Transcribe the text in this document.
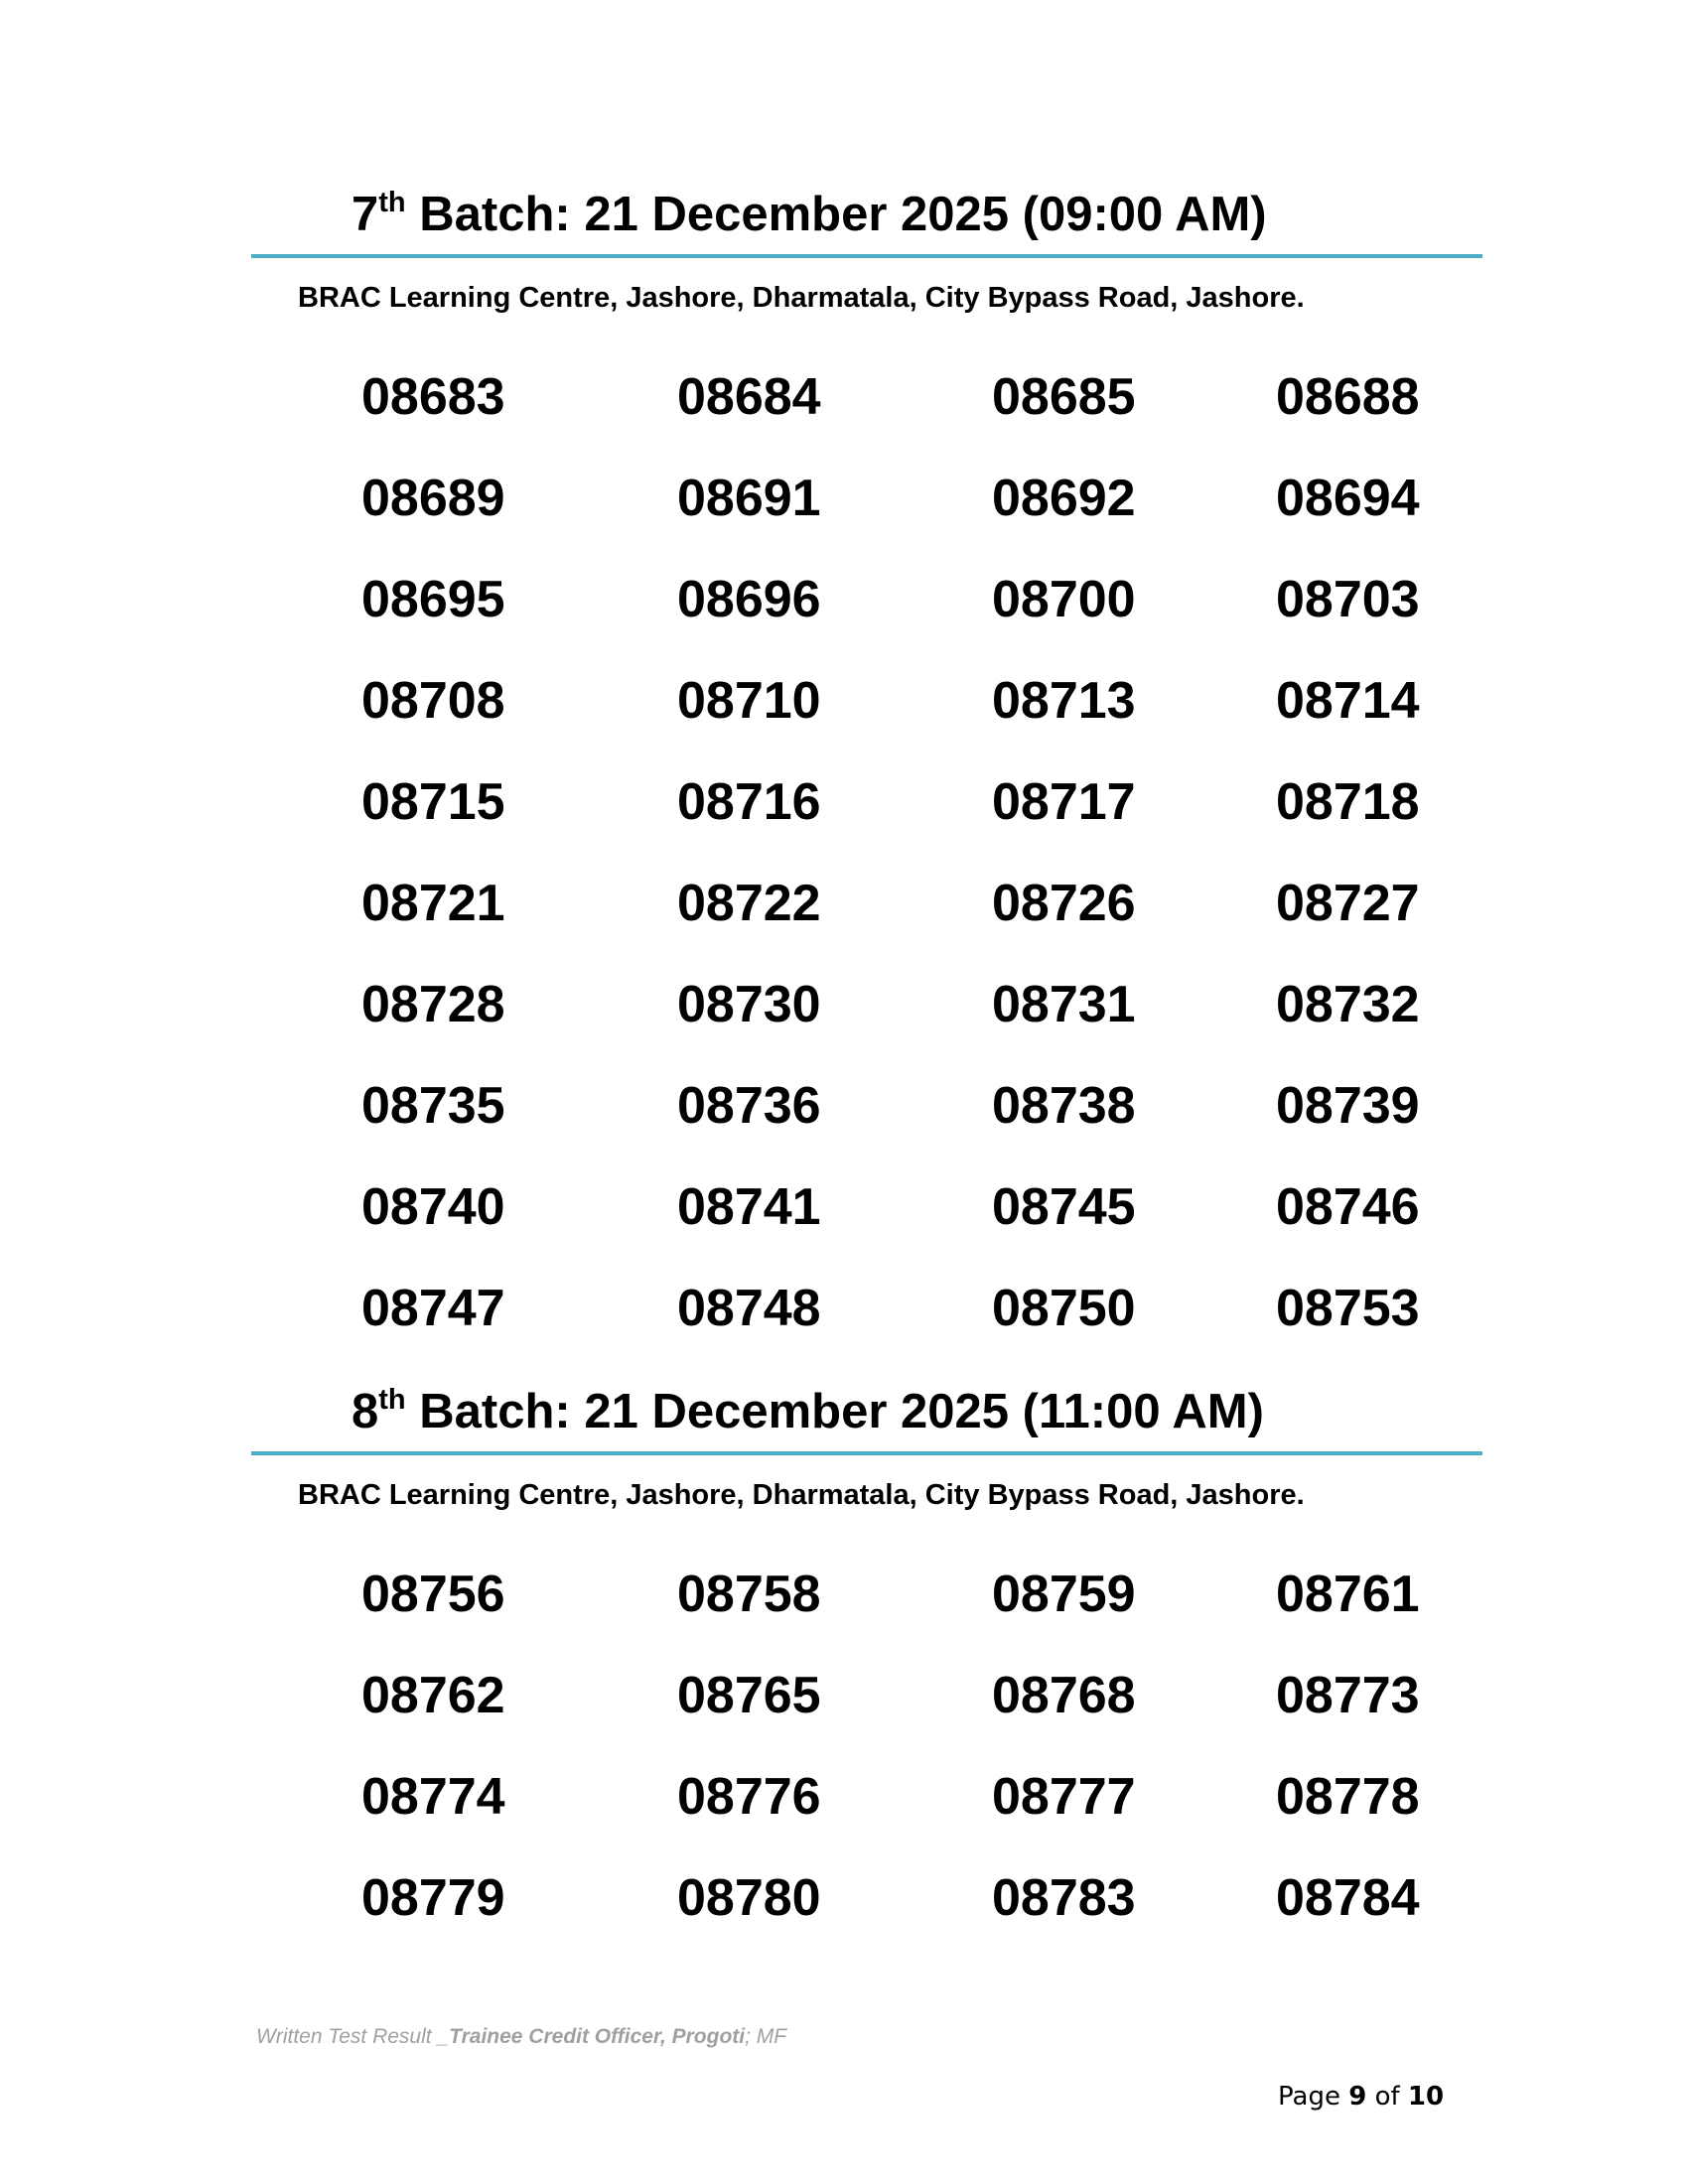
7th Batch: 21 December 2025 (09:00 AM)
BRAC Learning Centre, Jashore, Dharmatala, City Bypass Road, Jashore.
08683	08684	08685	08688
08689	08691	08692	08694
08695	08696	08700	08703
08708	08710	08713	08714
08715	08716	08717	08718
08721	08722	08726	08727
08728	08730	08731	08732
08735	08736	08738	08739
08740	08741	08745	08746
08747	08748	08750	08753
8th Batch: 21 December 2025 (11:00 AM)
BRAC Learning Centre, Jashore, Dharmatala, City Bypass Road, Jashore.
08756	08758	08759	08761
08762	08765	08768	08773
08774	08776	08777	08778
08779	08780	08783	08784
Written Test Result _Trainee Credit Officer, Progoti; MF
Page 9 of 10
